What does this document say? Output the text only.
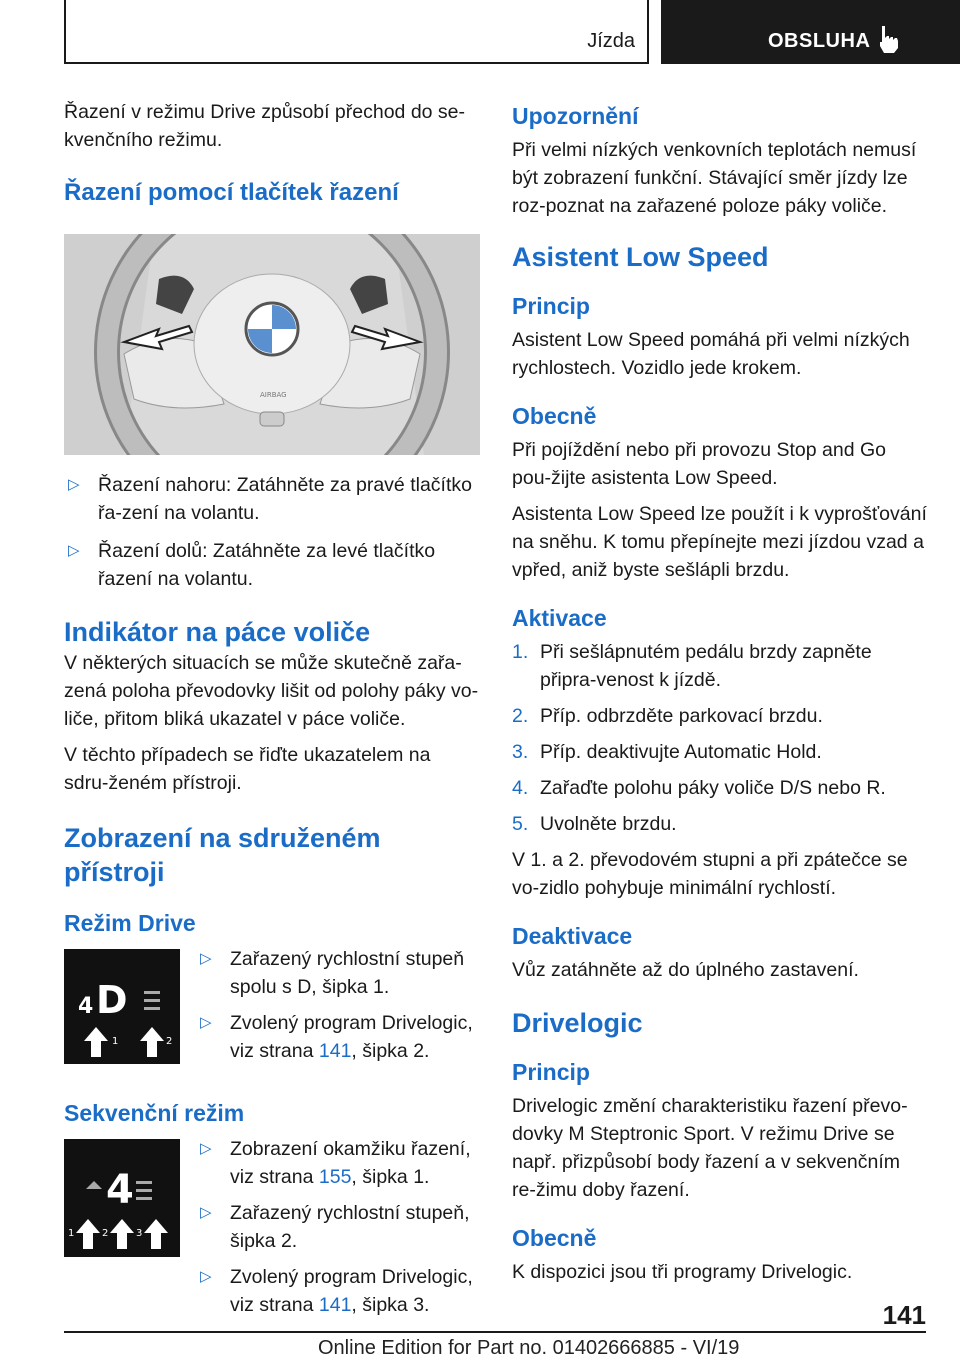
Jízda	OBSLUHA

Řazení v režimu Drive způsobí přechod do se-kvenčního režimu.

Řazení pomocí tlačítek řazení
AIRBAG
▷ Řazení nahoru: Zatáhněte za pravé tlačítko řa-zení na volantu.
▷ Řazení dolů: Zatáhněte za levé tlačítko řazení na volantu.
Indikátor na páce voliče

V některých situacích se může skutečně zařa-zená poloha převodovky lišit od polohy páky vo-liče, přitom bliká ukazatel v páce voliče.

V těchto případech se řiďte ukazatelem na sdru-ženém přístroji.

Zobrazení na sdruženém přístroji
Režim Drive
4 D
1	2
▷ Zařazený rychlostní stupeň spolu s D, šipka 1.
▷ Zvolený program Drivelogic, viz strana 141, šipka 2.
Sekvenční režim
4
1	2	3
▷ Zobrazení okamžiku řazení, viz strana 155, šipka 1.
▷ Zařazený rychlostní stupeň, šipka 2.
▷ Zvolený program Drivelogic, viz strana 141, šipka 3.
Upozornění

Při velmi nízkých venkovních teplotách nemusí být zobrazení funkční. Stávající směr jízdy lze roz-poznat na zařazené poloze páky voliče.

Asistent Low Speed
Princip

Asistent Low Speed pomáhá při velmi nízkých rychlostech. Vozidlo jede krokem.

Obecně

Při pojíždění nebo při provozu Stop and Go pou-žijte asistenta Low Speed.

Asistenta Low Speed lze použít i k vyprošťování na sněhu. K tomu přepínejte mezi jízdou vzad a vpřed, aniž byste sešlápli brzdu.

Aktivace
1. Při sešlápnutém pedálu brzdy zapněte připra-venost k jízdě.
2. Příp. odbrzděte parkovací brzdu.
3. Příp. deaktivujte Automatic Hold.
4. Zařaďte polohu páky voliče D/S nebo R.
5. Uvolněte brzdu.

V 1. a 2. převodovém stupni a při zpátečce se vo-zidlo pohybuje minimální rychlostí.

Deaktivace

Vůz zatáhněte až do úplného zastavení.

Drivelogic
Princip

Drivelogic změní charakteristiku řazení převo-dovky M Steptronic Sport. V režimu Drive se např. přizpůsobí body řazení a v sekvenčním re-žimu doby řazení.

Obecně

K dispozici jsou tři programy Drivelogic.

141
Online Edition for Part no. 01402666885 - VI/19
